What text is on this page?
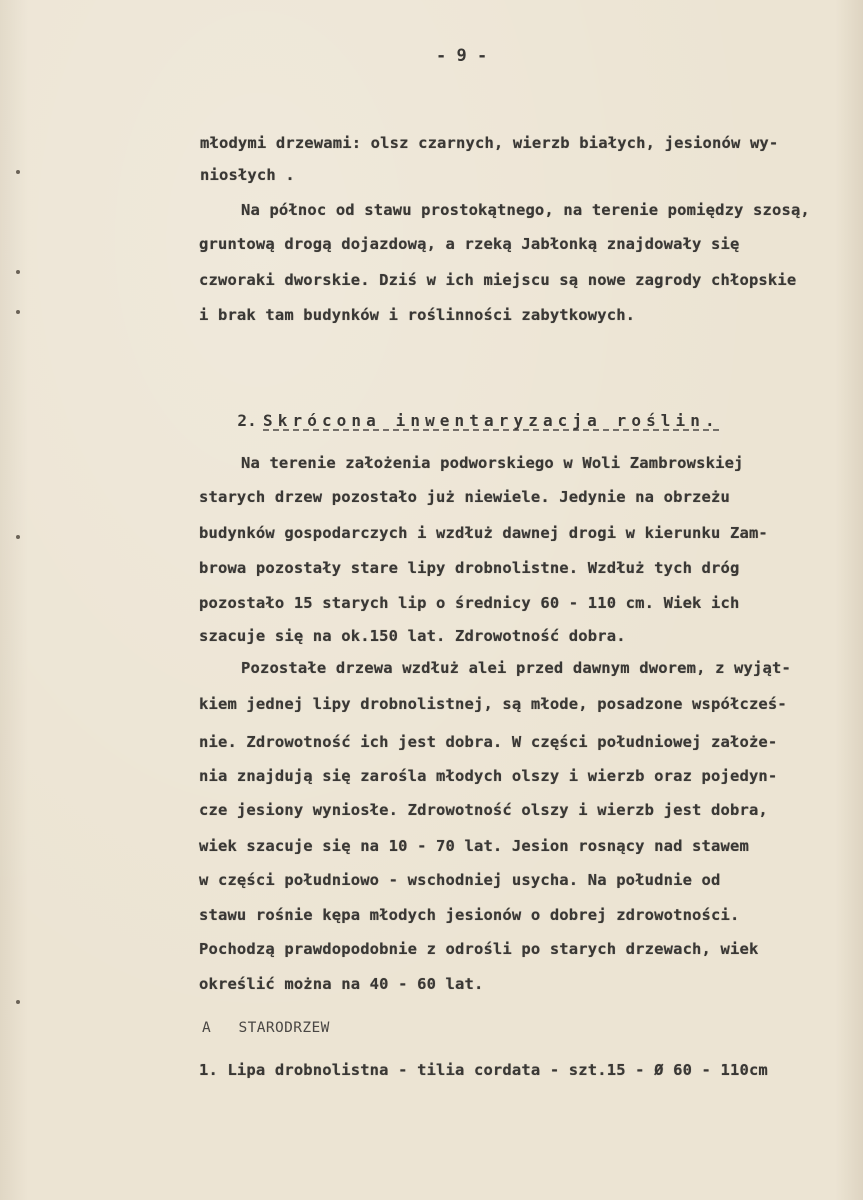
- 9 -
młodymi drzewami: olsz czarnych, wierzb białych, jesionów wy-
niosłych .
Na północ od stawu prostokątnego, na terenie pomiędzy szosą,
gruntową drogą dojazdową, a rzeką Jabłonką znajdowały się
czworaki dworskie. Dziś w ich miejscu są nowe zagrody chłopskie
i brak tam budynków i roślinności zabytkowych.

2. Skrócona inwentaryzacja roślin.

Na terenie założenia podworskiego w Woli Zambrowskiej
starych drzew pozostało już niewiele. Jedynie na obrzeżu
budynków gospodarczych i wzdłuż dawnej drogi w kierunku Zam-
browa pozostały stare lipy drobnolistne. Wzdłuż tych dróg
pozostało 15 starych lip o średnicy 60 - 110 cm. Wiek ich
szacuje się na ok.150 lat. Zdrowotność dobra.
Pozostałe drzewa wzdłuż alei przed dawnym dworem, z wyjąt-
kiem jednej lipy drobnolistnej, są młode, posadzone współcześ-
nie. Zdrowotność ich jest dobra. W części południowej założe-
nia znajdują się zarośla młodych olszy i wierzb oraz pojedyn-
cze jesiony wyniosłe. Zdrowotność olszy i wierzb jest dobra,
wiek szacuje się na 10 - 70 lat. Jesion rosnący nad stawem
w części południowo - wschodniej usycha. Na południe od
stawu rośnie kępa młodych jesionów o dobrej zdrowotności.
Pochodzą prawdopodobnie z odrośli po starych drzewach, wiek
określić można na 40 - 60 lat.
A   STARODRZEW
1. Lipa drobnolistna - tilia cordata - szt.15 - Ø 60 - 110cm
